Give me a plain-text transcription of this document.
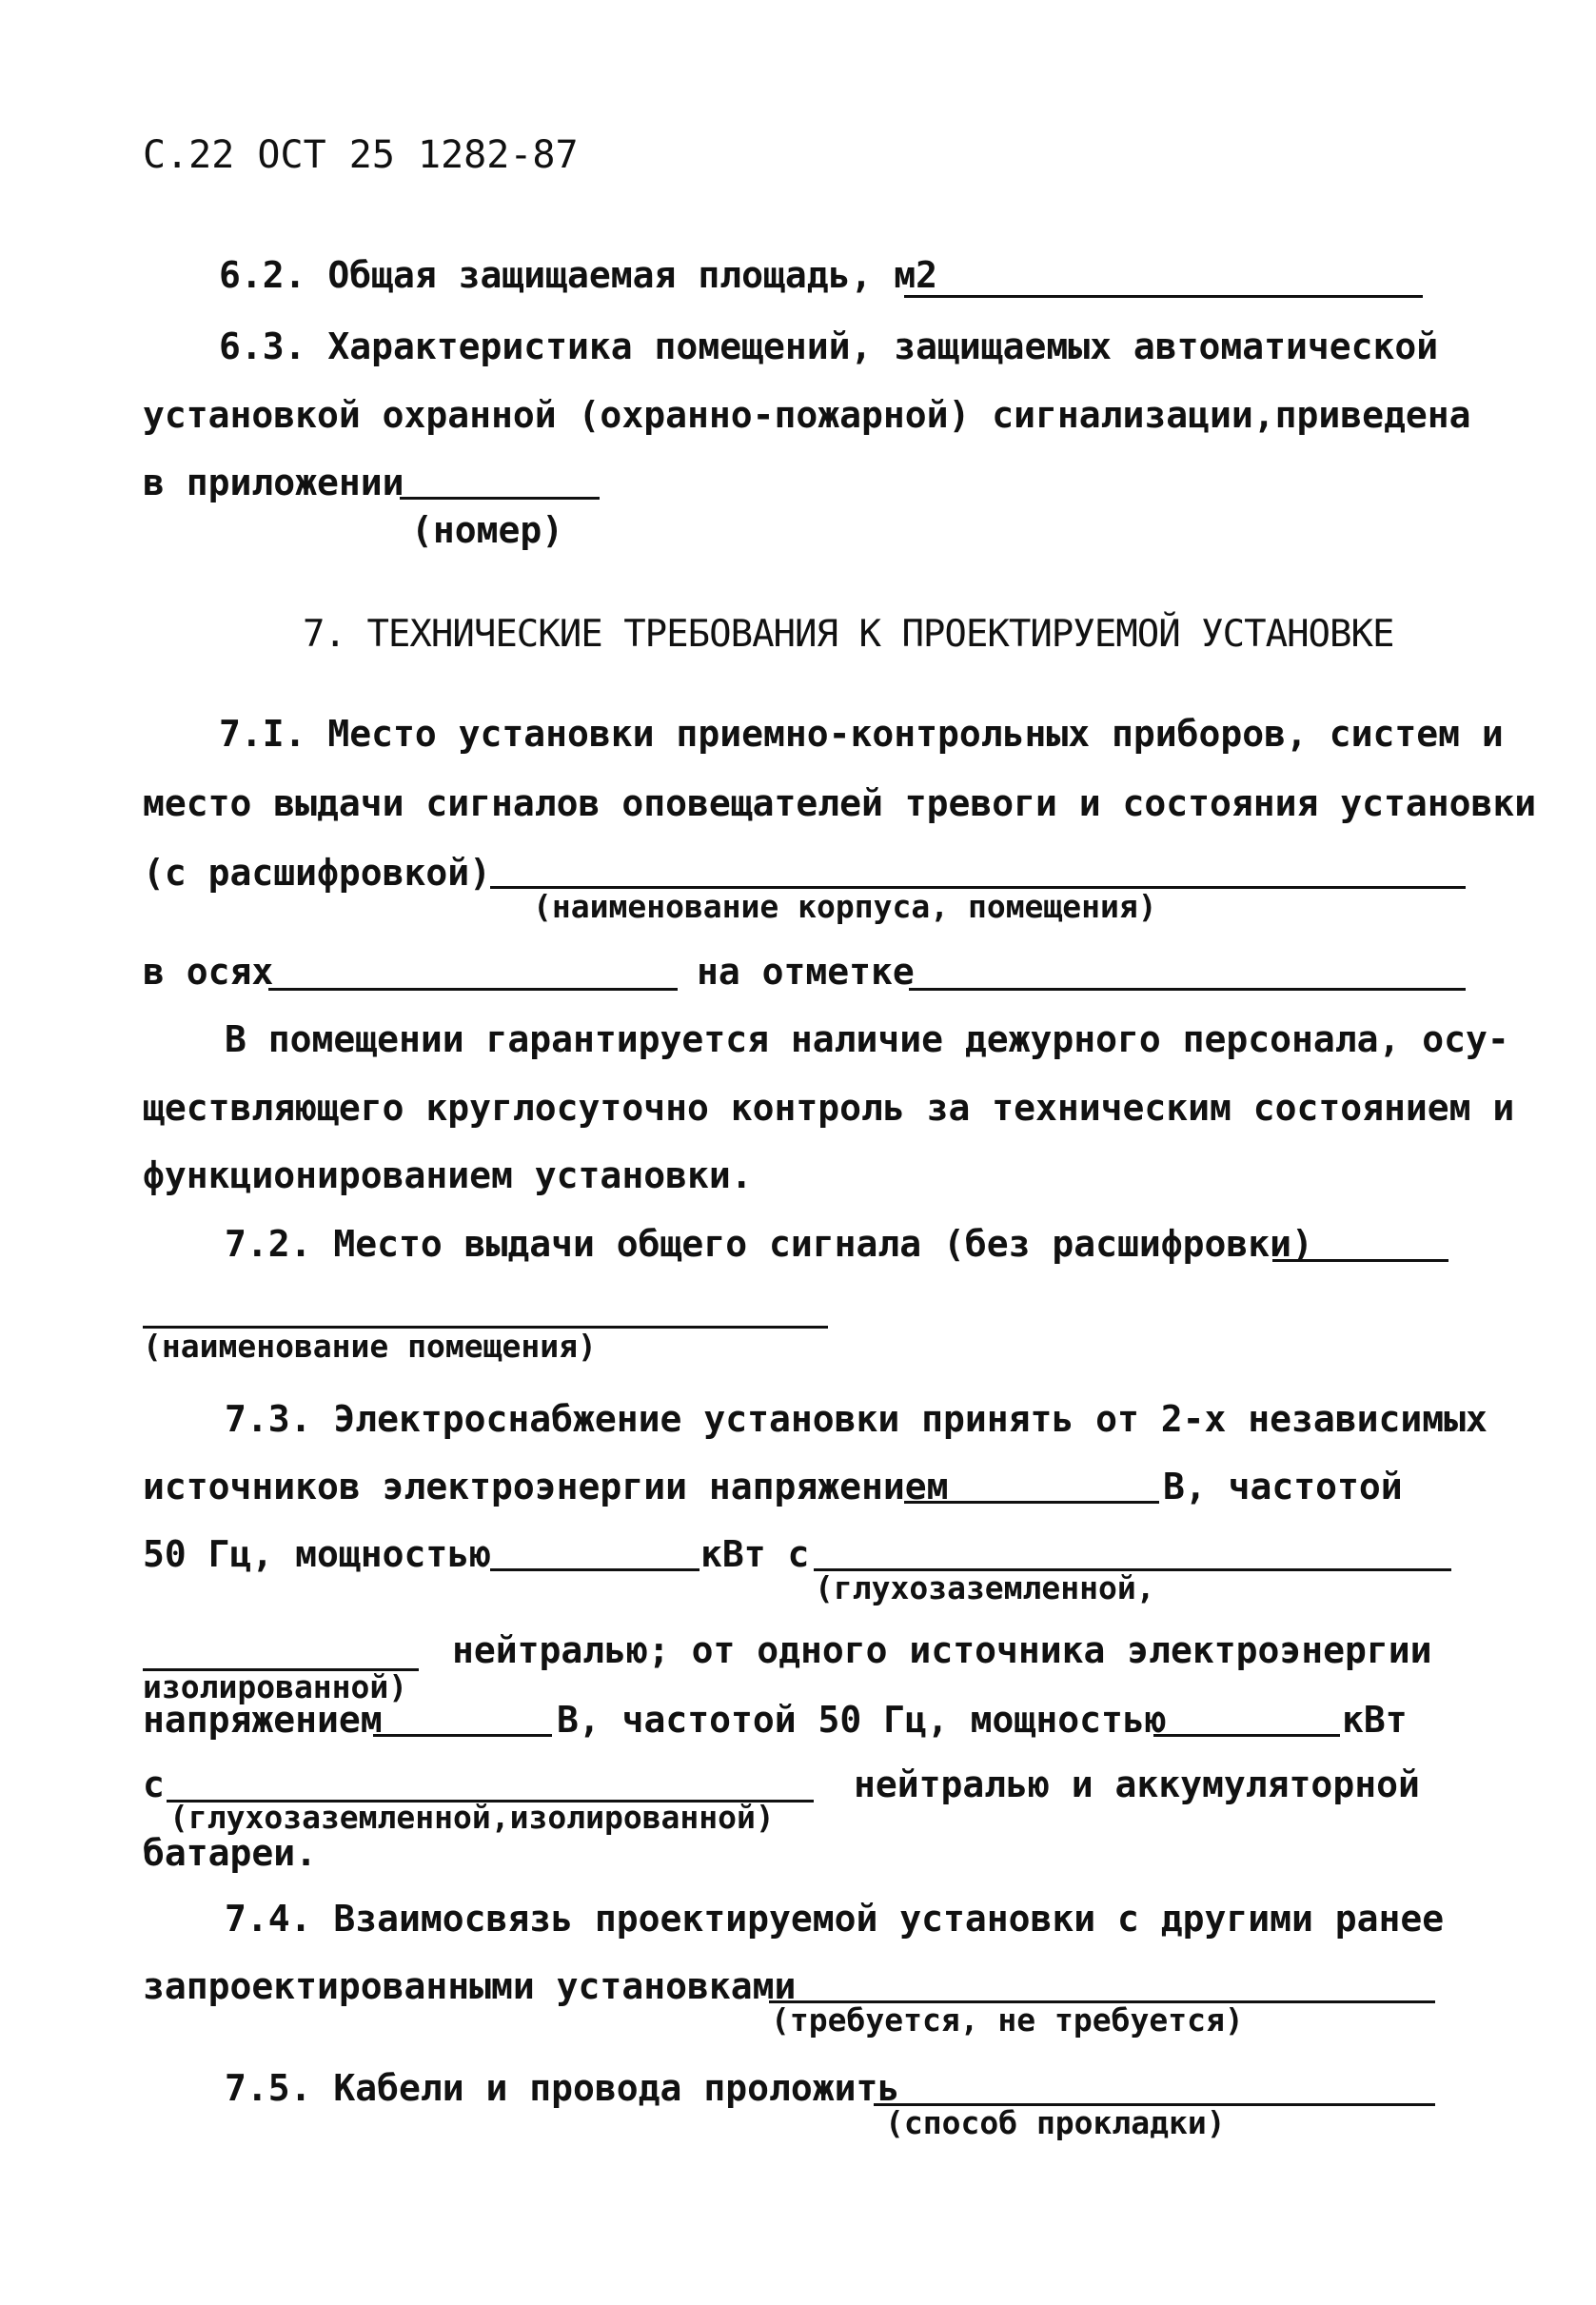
С.22 ОСТ 25 1282-87
6.2. Общая защищаемая площадь, м2
6.3. Характеристика помещений, защищаемых автоматической
установкой охранной (охранно-пожарной) сигнализации,приведена
в приложении
(номер)
7. ТЕХНИЧЕСКИЕ ТРЕБОВАНИЯ К ПРОЕКТИРУЕМОЙ УСТАНОВКЕ
7.I. Место установки приемно-контрольных приборов, систем и
место выдачи сигналов оповещателей тревоги и состояния установки
(с расшифровкой)
(наименование корпуса, помещения)
в осях	на отметке
В помещении гарантируется наличие дежурного персонала, осу-
ществляющего круглосуточно контроль за техническим состоянием и
функционированием установки.
7.2. Место выдачи общего сигнала (без расшифровки)
(наименование помещения)
7.3. Электроснабжение установки принять от 2-х независимых
источников электроэнергии напряжением	В, частотой
50 Гц, мощностью	кВт с
(глухозаземленной,
нейтралью; от одного источника электроэнергии
изолированной)
напряжением	В, частотой 50 Гц, мощностью	кВт
с
(глухозаземленной,изолированной)
нейтралью и аккумуляторной
батареи.
7.4. Взаимосвязь проектируемой установки с другими ранее
запроектированными установками
(требуется, не требуется)
7.5. Кабели и провода проложить
(способ прокладки)
